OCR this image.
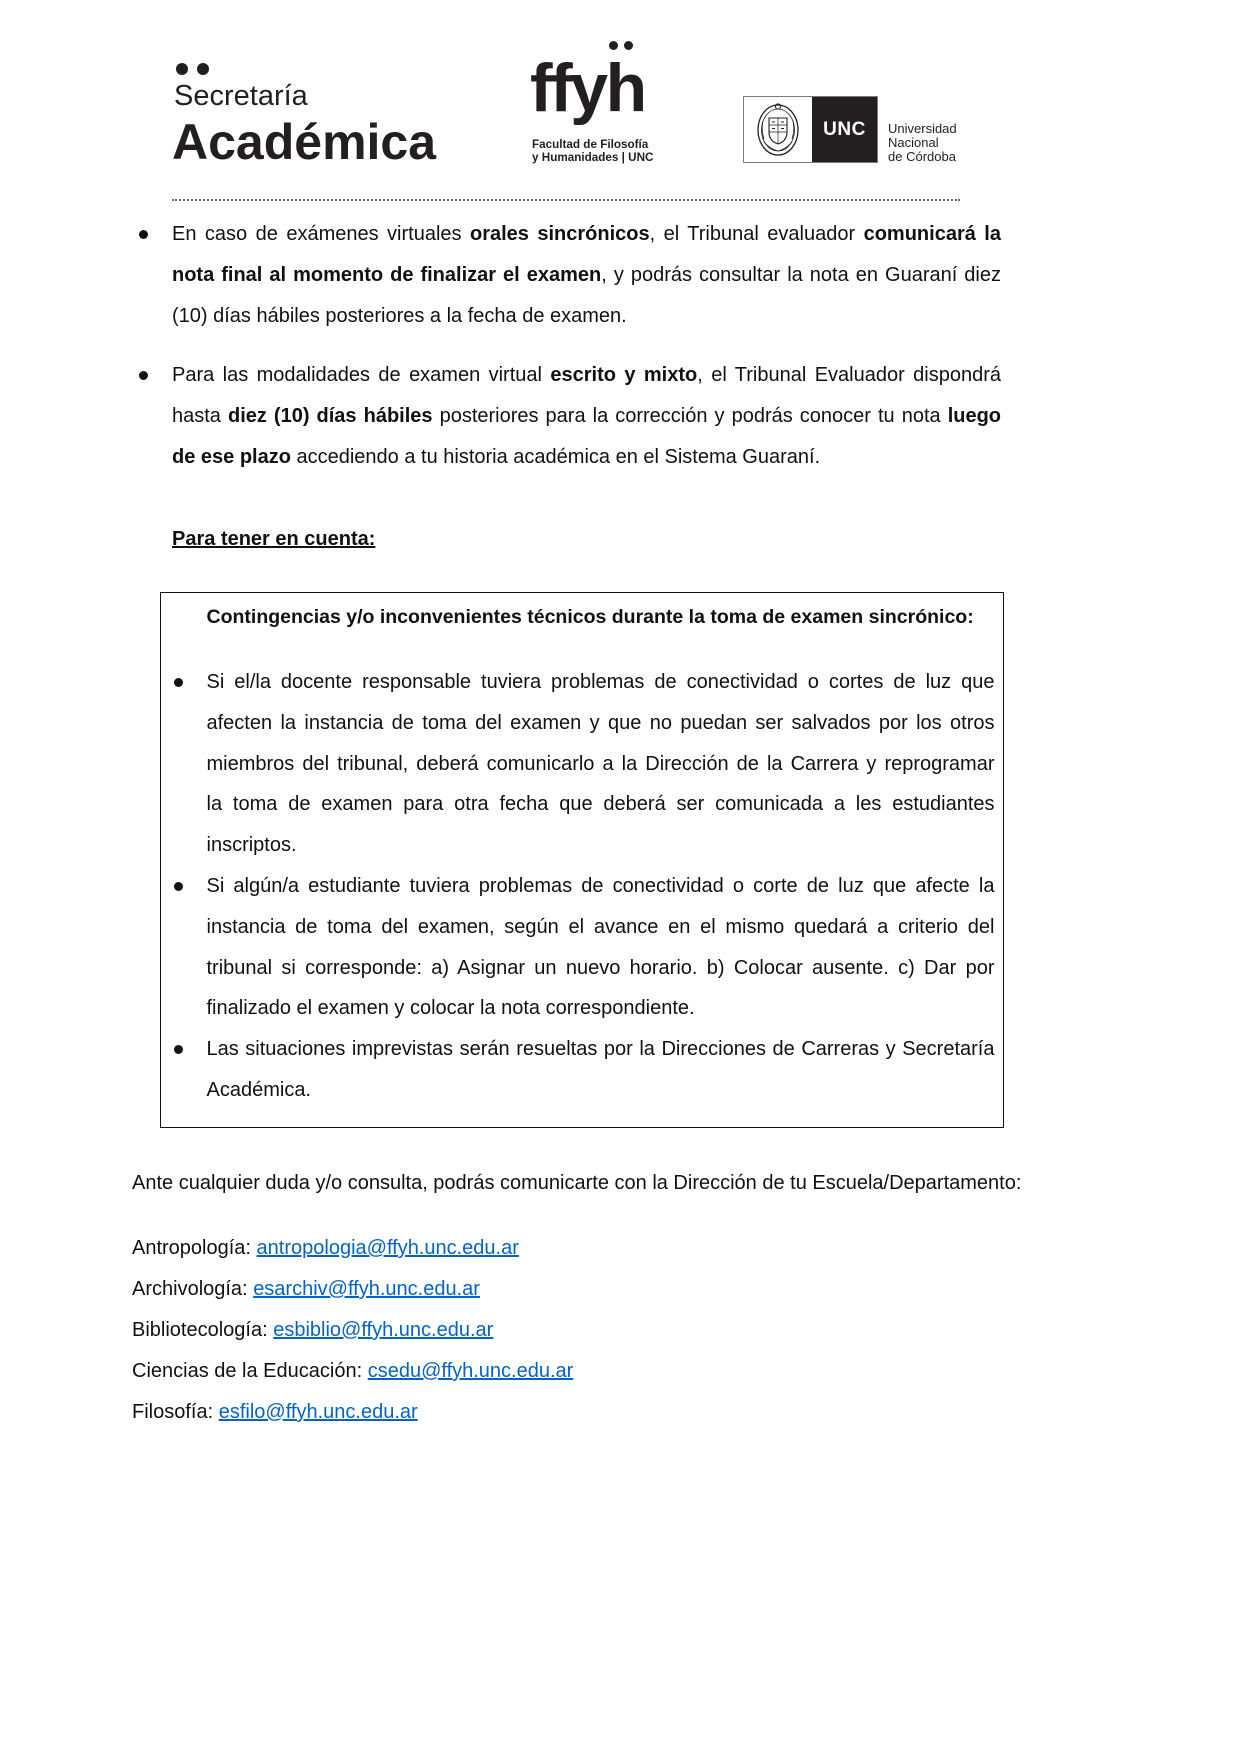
Secretaría
Académica
ffyh
Facultad de Filosofía
y Humanidades | UNC
UNC Universidad
Nacional
de Córdoba
En caso de exámenes virtuales orales sincrónicos, el Tribunal evaluador comunicará la
nota final al momento de finalizar el examen, y podrás consultar la nota en Guaraní diez
(10) días hábiles posteriores a la fecha de examen.
Para las modalidades de examen virtual escrito y mixto, el Tribunal Evaluador dispondrá
hasta diez (10) días hábiles posteriores para la corrección y podrás conocer tu nota luego
de ese plazo accediendo a tu historia académica en el Sistema Guaraní.
Para tener en cuenta:
Contingencias y/o inconvenientes técnicos durante la toma de examen sincrónico:
Si el/la docente responsable tuviera problemas de conectividad o cortes de luz que
afecten la instancia de toma del examen y que no puedan ser salvados por los otros
miembros del tribunal, deberá comunicarlo a la Dirección de la Carrera y reprogramar
la toma de examen para otra fecha que deberá ser comunicada a les estudiantes
inscriptos.
Si algún/a estudiante tuviera problemas de conectividad o corte de luz que afecte la
instancia de toma del examen, según el avance en el mismo quedará a criterio del
tribunal si corresponde: a) Asignar un nuevo horario. b) Colocar ausente. c) Dar por
finalizado el examen y colocar la nota correspondiente.
Las situaciones imprevistas serán resueltas por la Direcciones de Carreras y Secretaría
Académica.
Ante cualquier duda y/o consulta, podrás comunicarte con la Dirección de tu Escuela/Departamento:
Antropología: antropologia@ffyh.unc.edu.ar
Archivología: esarchiv@ffyh.unc.edu.ar
Bibliotecología: esbiblio@ffyh.unc.edu.ar
Ciencias de la Educación: csedu@ffyh.unc.edu.ar
Filosofía: esfilo@ffyh.unc.edu.ar
